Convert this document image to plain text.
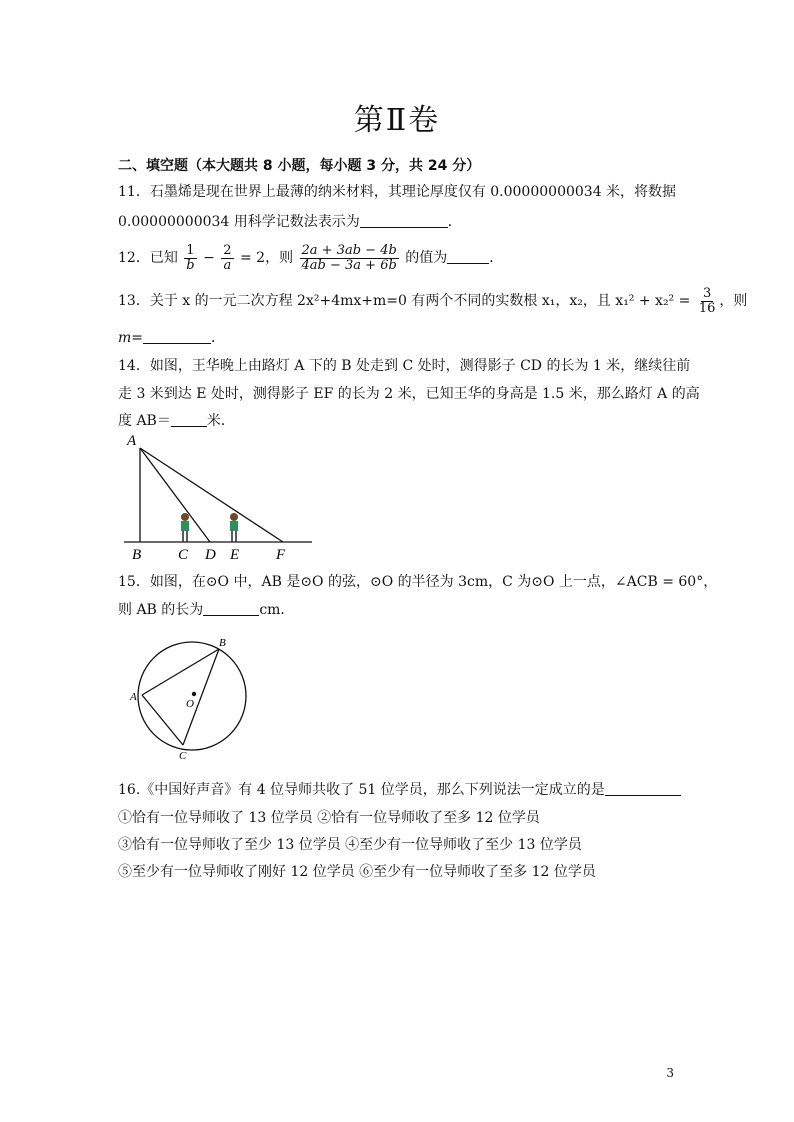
第Ⅱ卷
二、填空题（本大题共 8 小题，每小题 3 分，共 24 分）
11．石墨烯是现在世界上最薄的纳米材料，其理论厚度仅有 0.00000000034 米，将数据
0.00000000034 用科学记数法表示为	．
12．已知 $\frac{1}{b} - \frac{2}{a} = 2$，则 $\frac{2a + 3ab - 4b}{4ab - 3a + 6b}$ 的值为	．
13．关于 x 的一元二次方程 2x²+4mx+m=0 有两个不同的实数根 x₁，x₂，且 $x_1^2 + x_2^2 = \frac{3}{16}$ ，则
m=	．
14．如图，王华晚上由路灯 A 下的 B 处走到 C 处时，测得影子 CD 的长为 1 米，继续往前
走 3 米到达 E 处时，测得影子 EF 的长为 2 米，已知王华的身高是 1.5 米，那么路灯 A 的高
度 AB＝	米．
A
B C D E F
15．如图，在⊙O 中，AB 是⊙O 的弦，⊙O 的半径为 3cm，C 为⊙O 上一点，∠ACB = 60°，
则 AB 的长为	cm．
A
B
C
O
16.《中国好声音》有 4 位导师共收了 51 位学员，那么下列说法一定成立的是
①恰有一位导师收了 13 位学员 ②恰有一位导师收了至多 12 位学员
③恰有一位导师收了至少 13 位学员 ④至少有一位导师收了至少 13 位学员
⑤至少有一位导师收了刚好 12 位学员 ⑥至少有一位导师收了至多 12 位学员
3
